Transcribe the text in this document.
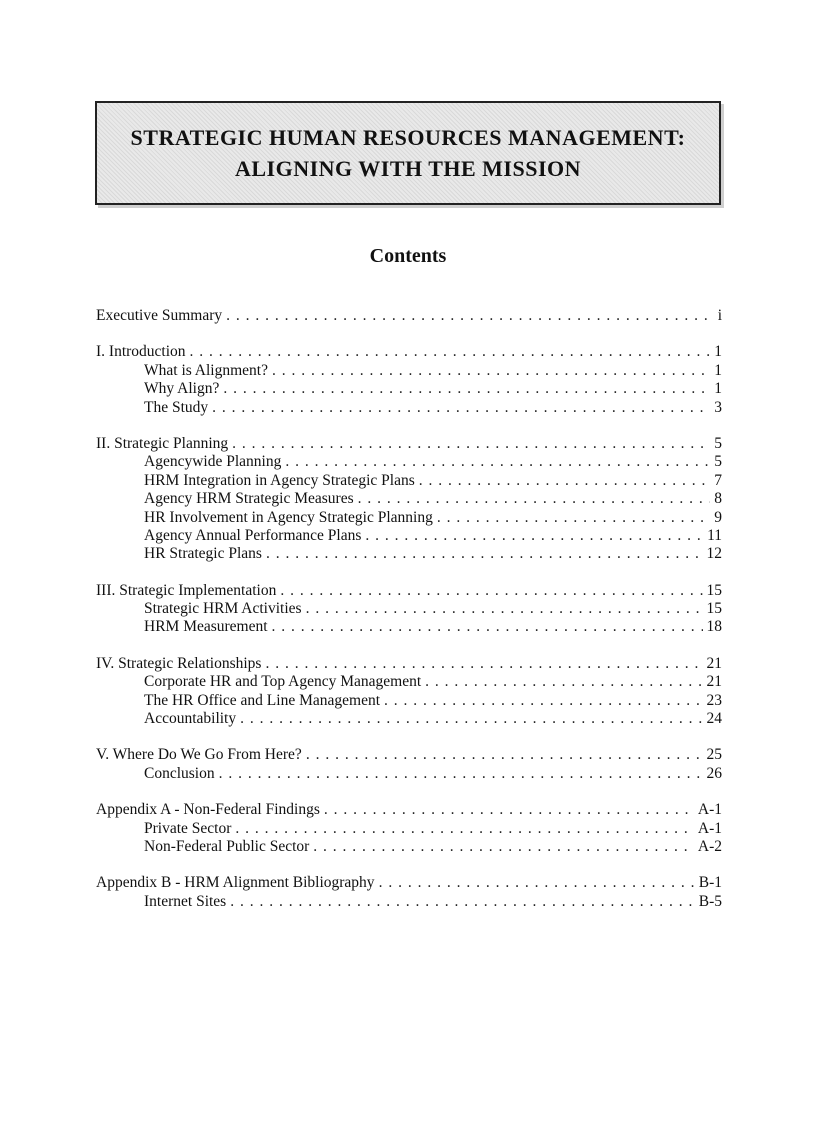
STRATEGIC HUMAN RESOURCES MANAGEMENT:
ALIGNING WITH THE MISSION
Contents
Executive Summary . . .	i
I. Introduction . . .	1
What is Alignment? . . .	1
Why Align? . . .	1
The Study . . .	3
II. Strategic Planning . . .	5
Agencywide Planning . . .	5
HRM Integration in Agency Strategic Plans . . .	7
Agency HRM Strategic Measures . . .	8
HR Involvement in Agency Strategic Planning . . .	9
Agency Annual Performance Plans . . .	11
HR Strategic Plans . . .	12
III. Strategic Implementation . . .	15
Strategic HRM Activities . . .	15
HRM Measurement . . .	18
IV. Strategic Relationships . . .	21
Corporate HR and Top Agency Management . . .	21
The HR Office and Line Management . . .	23
Accountability . . .	24
V. Where Do We Go From Here? . . .	25
Conclusion . . .	26
Appendix A - Non-Federal Findings . . .	A-1
Private Sector . . .	A-1
Non-Federal Public Sector . . .	A-2
Appendix B - HRM Alignment Bibliography . . .	B-1
Internet Sites . . .	B-5
